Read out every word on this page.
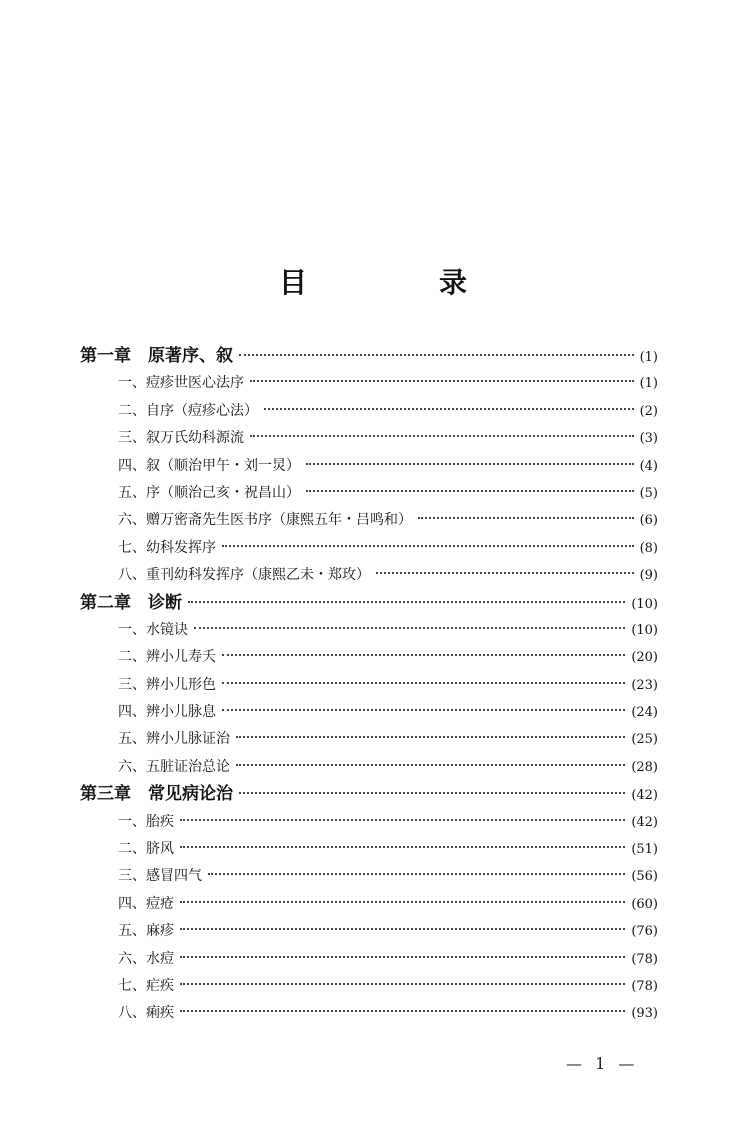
目　录
第一章　原著序、叙	(1)
一、痘疹世医心法序	(1)
二、自序（痘疹心法）	(2)
三、叙万氏幼科源流	(3)
四、叙（顺治甲午・刘一炅）	(4)
五、序（顺治己亥・祝昌山）	(5)
六、赠万密斋先生医书序（康熙五年・吕鸣和）	(6)
七、幼科发挥序	(8)
八、重刊幼科发挥序（康熙乙未・郑玫）	(9)
第二章　诊断	(10)
一、水镜诀	(10)
二、辨小儿寿夭	(20)
三、辨小儿形色	(23)
四、辨小儿脉息	(24)
五、辨小儿脉证治	(25)
六、五脏证治总论	(28)
第三章　常见病论治	(42)
一、胎疾	(42)
二、脐风	(51)
三、感冒四气	(56)
四、痘疮	(60)
五、麻疹	(76)
六、水痘	(78)
七、疟疾	(78)
八、痢疾	(93)
— 1 —
